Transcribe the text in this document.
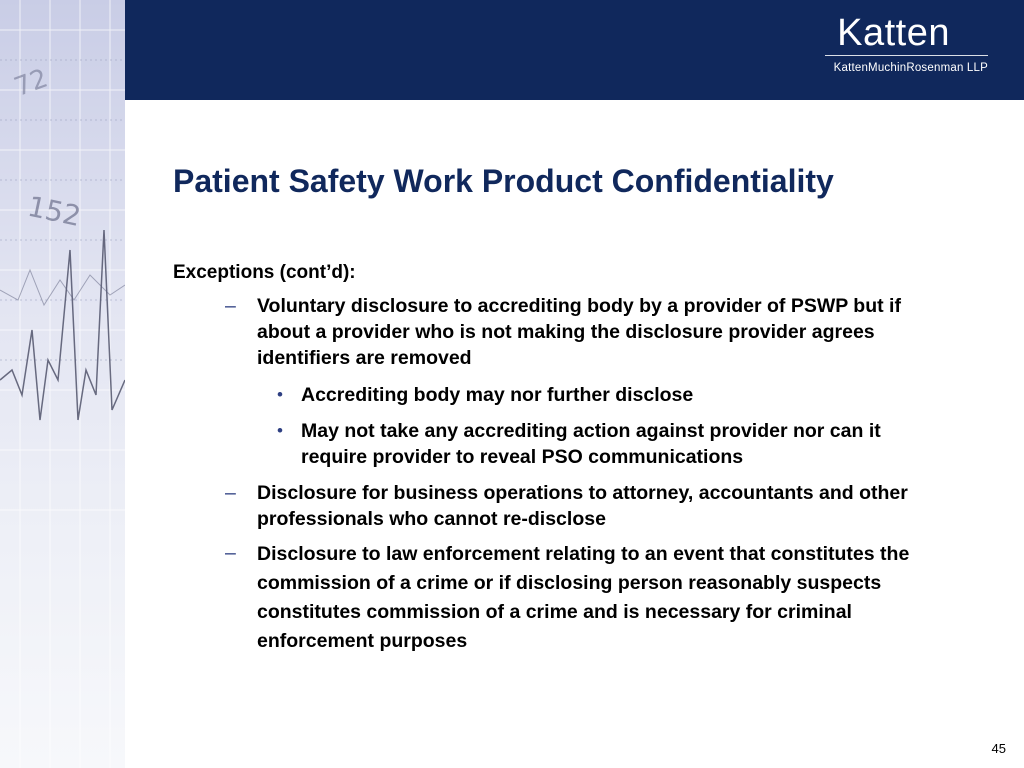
72
152
Katten
KattenMuchinRosenman LLP
Patient Safety Work Product Confidentiality
Exceptions (cont’d):
– Voluntary disclosure to accrediting body by a provider of PSWP but if about a provider who is not making the disclosure provider agrees identifiers are removed
• Accrediting body may nor further disclose
• May not take any accrediting action against provider nor can it require provider to reveal PSO communications
– Disclosure for business operations to attorney, accountants and other professionals who cannot re-disclose
– Disclosure to law enforcement relating to an event that constitutes the commission of a crime or if disclosing person reasonably suspects constitutes commission of a crime and is necessary for criminal enforcement purposes
45
